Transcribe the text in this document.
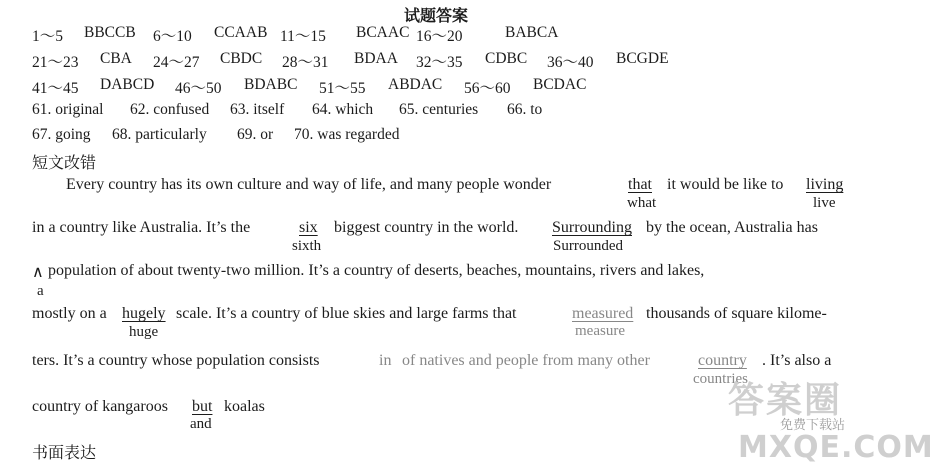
试题答案
1～5 BBCCB 6～10 CCAAB 11～15 BCAAC 16～20	BABCA
21～23 CBA 24～27 CBDC 28～31 BDAA 32～35 CDBC 36～40 BCGDE
41～45 DABCD 46～50 BDABC 51～55 ABDAC 56～60 BCDAC
61. original 62. confused 63. itself 64. which 65. centuries 66. to
67. going 68. particularly 69. or 70. was regarded
短文改错
Every country has its own culture and way of life, and many people wonder	that
what
it would be like to living
live
in a country like Australia. It’s the	six
sixth
biggest country in the world. Surrounding
Surrounded
by the ocean, Australia has
∧ population of about twenty-two million. It’s a country of deserts, beaches, mountains, rivers and lakes,
a
mostly on a hugely
huge
scale. It’s a country of blue skies and large farms that	measured
measure
thousands of square kilome-
ters. It’s a country whose population consists	in of natives and people from many other	country
countries
. It’s also a
country of kangaroos but
and
koalas
书面表达
答案圈
免费下载站
MXQE.COM
